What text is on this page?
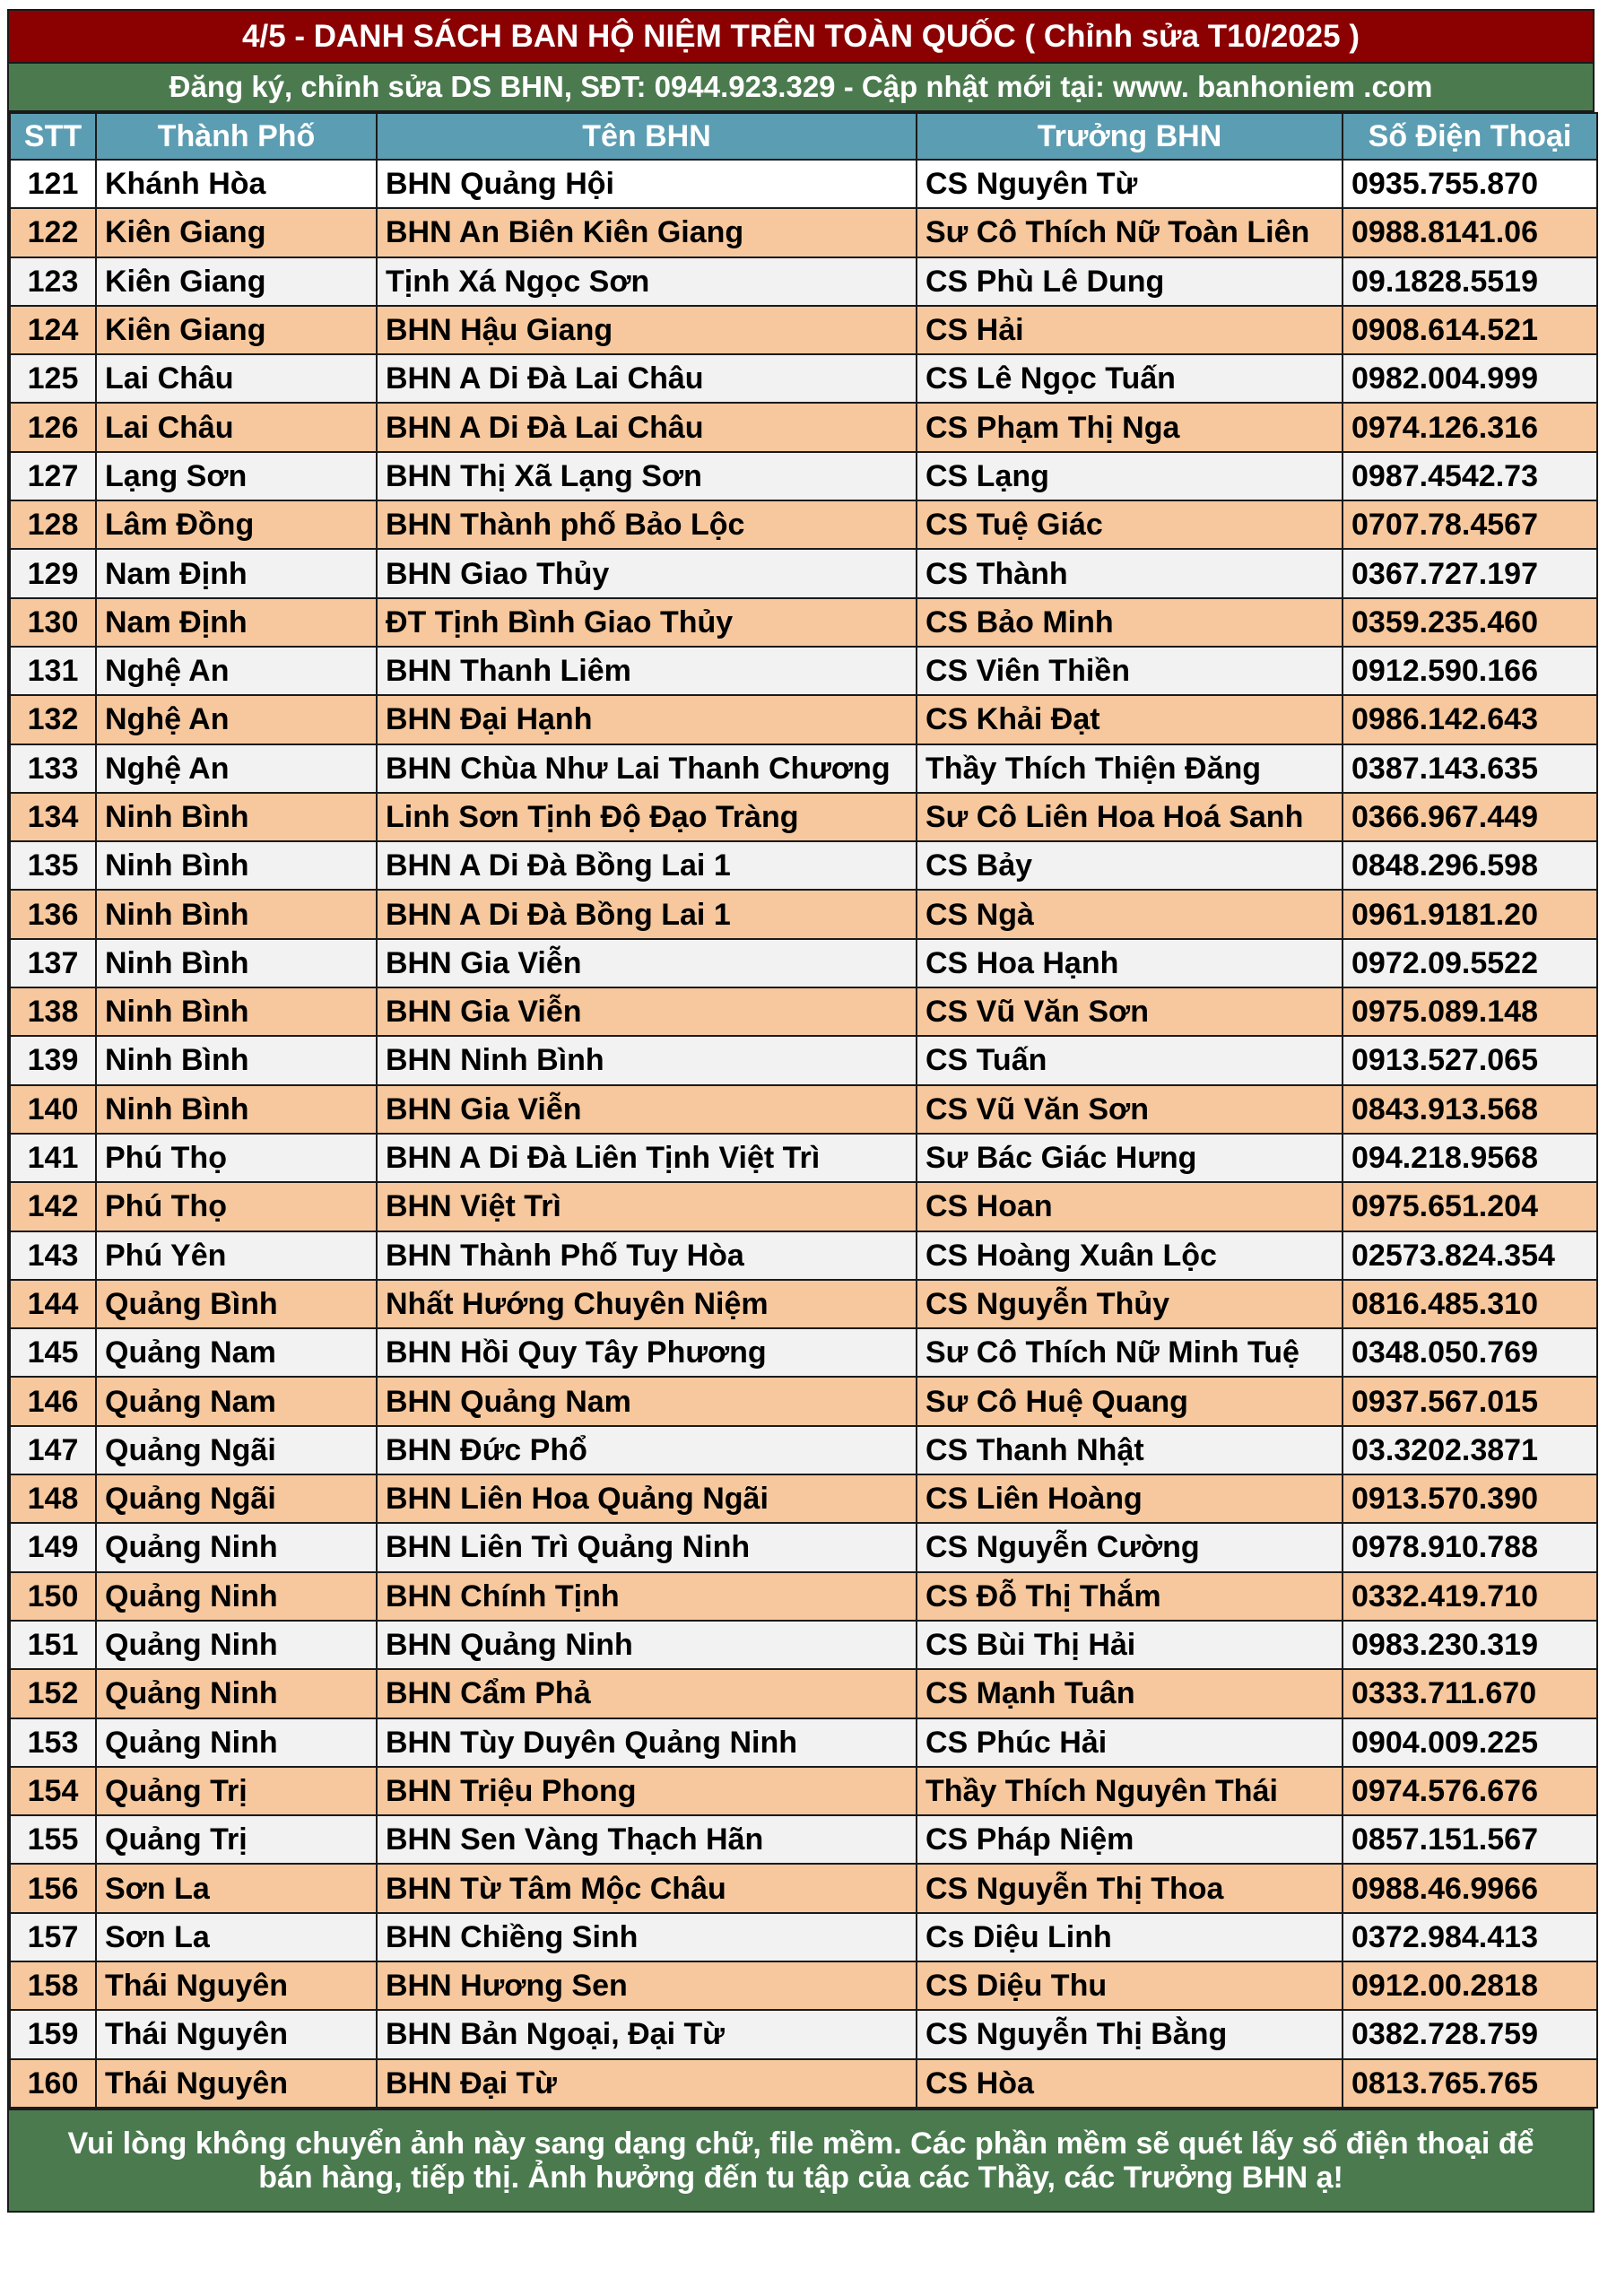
4/5 - DANH SÁCH BAN HỘ NIỆM TRÊN TOÀN QUỐC ( Chỉnh sửa T10/2025 )
Đăng ký, chỉnh sửa DS BHN, SĐT: 0944.923.329 - Cập nhật mới tại: www. banhoniem .com
STT	Thành Phố	Tên BHN	Trưởng BHN	Số Điện Thoại
121	Khánh Hòa	BHN Quảng Hội	CS Nguyên Từ	0935.755.870
122	Kiên Giang	BHN An Biên Kiên Giang	Sư Cô Thích Nữ Toàn Liên	0988.8141.06
123	Kiên Giang	Tịnh Xá Ngọc Sơn	CS Phù Lê Dung	09.1828.5519
124	Kiên Giang	BHN Hậu Giang	CS Hải	0908.614.521
125	Lai Châu	BHN A Di Đà Lai Châu	CS Lê Ngọc Tuấn	0982.004.999
126	Lai Châu	BHN A Di Đà Lai Châu	CS Phạm Thị Nga	0974.126.316
127	Lạng Sơn	BHN Thị Xã Lạng Sơn	CS Lạng	0987.4542.73
128	Lâm Đồng	BHN Thành phố Bảo Lộc	CS Tuệ Giác	0707.78.4567
129	Nam Định	BHN Giao Thủy	CS Thành	0367.727.197
130	Nam Định	ĐT Tịnh Bình Giao Thủy	CS Bảo Minh	0359.235.460
131	Nghệ An	BHN Thanh Liêm	CS Viên Thiền	0912.590.166
132	Nghệ An	BHN Đại Hạnh	CS Khải Đạt	0986.142.643
133	Nghệ An	BHN Chùa Như Lai Thanh Chương	Thầy Thích Thiện Đăng	0387.143.635
134	Ninh Bình	Linh Sơn Tịnh Độ Đạo Tràng	Sư Cô Liên Hoa Hoá Sanh	0366.967.449
135	Ninh Bình	BHN A Di Đà Bồng Lai 1	CS Bảy	0848.296.598
136	Ninh Bình	BHN A Di Đà Bồng Lai 1	CS Ngà	0961.9181.20
137	Ninh Bình	BHN Gia Viễn	CS Hoa Hạnh	0972.09.5522
138	Ninh Bình	BHN Gia Viễn	CS Vũ Văn Sơn	0975.089.148
139	Ninh Bình	BHN Ninh Bình	CS Tuấn	0913.527.065
140	Ninh Bình	BHN Gia Viễn	CS Vũ Văn Sơn	0843.913.568
141	Phú Thọ	BHN A Di Đà Liên Tịnh Việt Trì	Sư Bác Giác Hưng	094.218.9568
142	Phú Thọ	BHN Việt Trì	CS Hoan	0975.651.204
143	Phú Yên	BHN Thành Phố Tuy Hòa	CS Hoàng Xuân Lộc	02573.824.354
144	Quảng Bình	Nhất Hướng Chuyên Niệm	CS Nguyễn Thủy	0816.485.310
145	Quảng Nam	BHN Hồi Quy Tây Phương	Sư Cô Thích Nữ Minh Tuệ	0348.050.769
146	Quảng Nam	BHN Quảng Nam	Sư Cô Huệ Quang	0937.567.015
147	Quảng Ngãi	BHN Đức Phổ	CS Thanh Nhật	03.3202.3871
148	Quảng Ngãi	BHN Liên Hoa Quảng Ngãi	CS Liên Hoàng	0913.570.390
149	Quảng Ninh	BHN Liên Trì Quảng Ninh	CS Nguyễn Cường	0978.910.788
150	Quảng Ninh	BHN Chính Tịnh	CS Đỗ Thị Thắm	0332.419.710
151	Quảng Ninh	BHN Quảng Ninh	CS Bùi Thị Hải	0983.230.319
152	Quảng Ninh	BHN Cẩm Phả	CS Mạnh Tuân	0333.711.670
153	Quảng Ninh	BHN Tùy Duyên Quảng Ninh	CS Phúc Hải	0904.009.225
154	Quảng Trị	BHN Triệu Phong	Thầy Thích Nguyên Thái	0974.576.676
155	Quảng Trị	BHN Sen Vàng Thạch Hãn	CS Pháp Niệm	0857.151.567
156	Sơn La	BHN Từ Tâm Mộc Châu	CS Nguyễn Thị Thoa	0988.46.9966
157	Sơn La	BHN Chiềng Sinh	Cs Diệu Linh	0372.984.413
158	Thái Nguyên	BHN Hương Sen	CS Diệu Thu	0912.00.2818
159	Thái Nguyên	BHN Bản Ngoại, Đại Từ	CS Nguyễn Thị Bằng	0382.728.759
160	Thái Nguyên	BHN Đại Từ	CS Hòa	0813.765.765
Vui lòng không chuyển ảnh này sang dạng chữ, file mềm. Các phần mềm sẽ quét lấy số điện thoại để
bán hàng, tiếp thị. Ảnh hưởng đến tu tập của các Thầy, các Trưởng BHN ạ!
